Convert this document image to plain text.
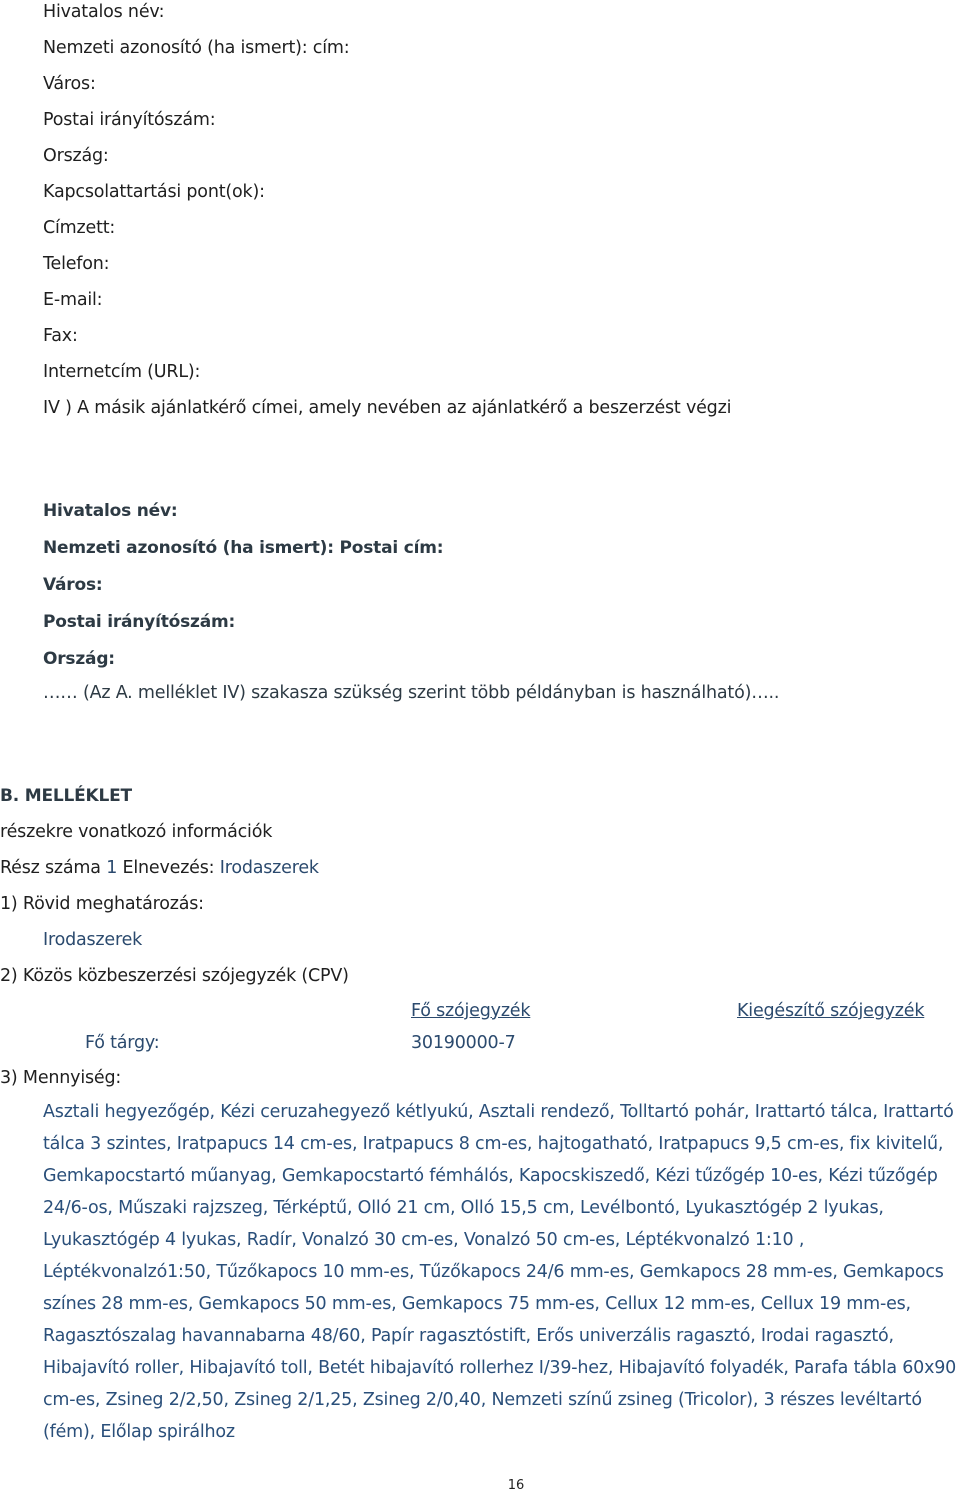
Hivatalos név:
Nemzeti azonosító (ha ismert): cím:
Város:
Postai irányítószám:
Ország:
Kapcsolattartási pont(ok):
Címzett:
Telefon:
E-mail:
Fax:
Internetcím (URL):
IV ) A másik ajánlatkérő címei, amely nevében az ajánlatkérő a beszerzést végzi
Hivatalos név:
Nemzeti azonosító (ha ismert): Postai cím:
Város:
Postai irányítószám:
Ország:
…… (Az A. melléklet IV) szakasza szükség szerint több példányban is használható)…..
B. MELLÉKLET
részekre vonatkozó információk
Rész száma 1 Elnevezés: Irodaszerek
1) Rövid meghatározás:
Irodaszerek
2) Közös közbeszerzési szójegyzék (CPV)
Fő szójegyzék	Kiegészítő szójegyzék
Fő tárgy:	30190000-7
3) Mennyiség:
Asztali hegyezőgép, Kézi ceruzahegyező kétlyukú, Asztali rendező, Tolltartó pohár, Irattartó tálca, Irattartó tálca 3 szintes, Iratpapucs 14 cm-es, Iratpapucs 8 cm-es, hajtogatható, Iratpapucs 9,5 cm-es, fix kivitelű, Gemkapocstartó műanyag, Gemkapocstartó fémhálós, Kapocskiszedő, Kézi tűzőgép 10-es, Kézi tűzőgép 24/6-os, Műszaki rajzszeg, Térképtű, Olló 21 cm, Olló 15,5 cm, Levélbontó, Lyukasztógép 2 lyukas, Lyukasztógép 4 lyukas, Radír, Vonalzó 30 cm-es, Vonalzó 50 cm-es, Léptékvonalzó 1:10 , Léptékvonalzó1:50, Tűzőkapocs 10 mm-es, Tűzőkapocs 24/6 mm-es, Gemkapocs 28 mm-es, Gemkapocs színes 28 mm-es, Gemkapocs 50 mm-es, Gemkapocs 75 mm-es, Cellux 12 mm-es, Cellux 19 mm-es, Ragasztószalag havannabarna 48/60, Papír ragasztóstift, Erős univerzális ragasztó, Irodai ragasztó, Hibajavító roller, Hibajavító toll, Betét hibajavító rollerhez I/39-hez, Hibajavító folyadék, Parafa tábla 60x90 cm-es, Zsineg 2/2,50, Zsineg 2/1,25, Zsineg 2/0,40, Nemzeti színű zsineg (Tricolor), 3 részes levéltartó (fém), Előlap spirálhoz
16
